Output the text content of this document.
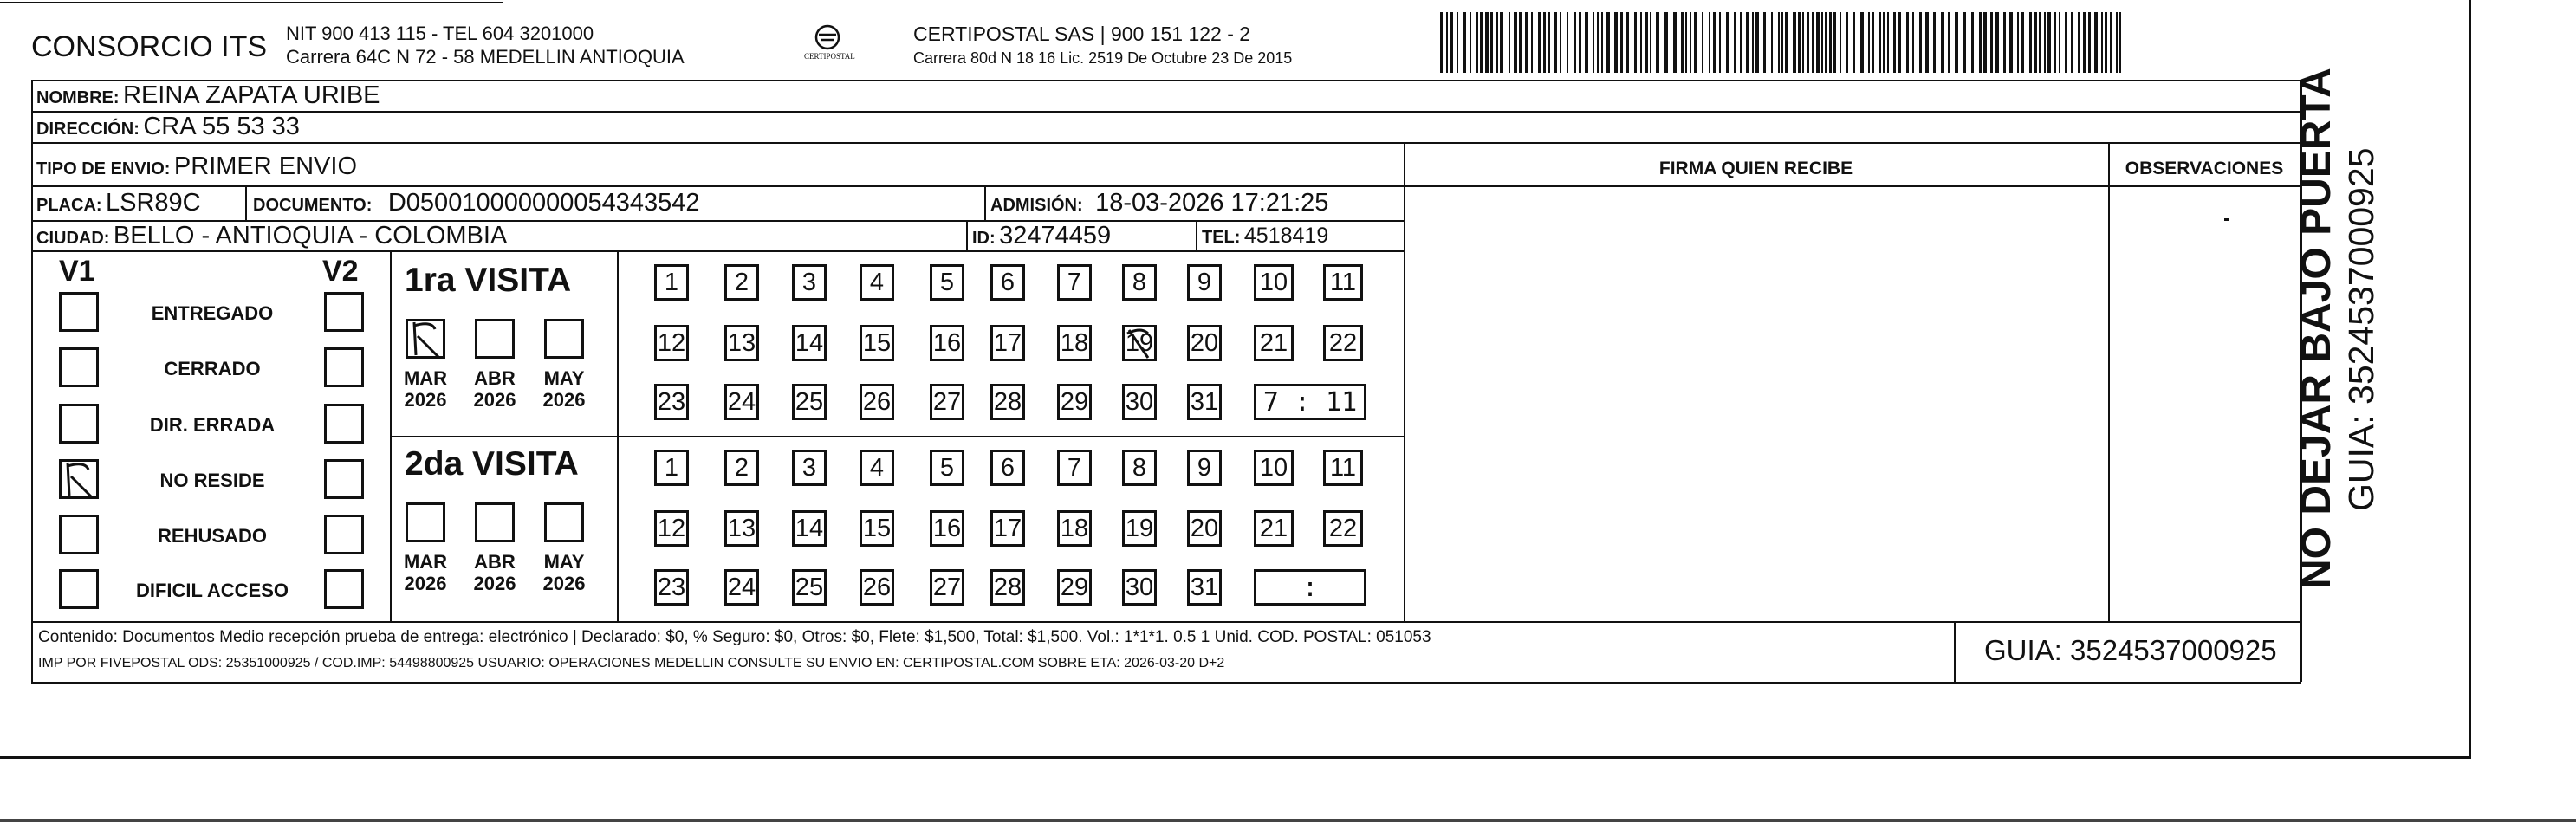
CONSORCIO ITS NIT 900 413 115 - TEL 604 3201000
Carrera 64C N 72 - 58 MEDELLIN ANTIOQUIA	CERTIPOSTAL
CERTIPOSTAL SAS | 900 151 122 - 2
Carrera 80d N 18 16 Lic. 2519 De Octubre 23 De 2015
NOMBRE: REINA ZAPATA URIBE
DIRECCIÓN: CRA 55 53 33
TIPO DE ENVIO: PRIMER ENVIO	FIRMA QUIEN RECIBE	OBSERVACIONES
PLACA: LSR89C	DOCUMENTO: D050010000000054343542	ADMISIÓN: 18-03-2026 17:21:25
CIUDAD: BELLO - ANTIOQUIA - COLOMBIA	ID: 32474459	TEL: 4518419
V1	V2
ENTREGADO
CERRADO
DIR. ERRADA
NO RESIDE
REHUSADO
DIFICIL ACCESO
1ra VISITA
MAR
2026
ABR
2026
MAY
2026
1	2	3	4	5	6	7	8	9	10 11
12 13 14 15 16 17 18 19 20 21 22
23 24 25 26 27 28 29 30 31	7 : 11
2da VISITA
MAR
2026
ABR
2026
MAY
2026
1	2	3	4	5	6	7	8	9	10 11
12 13 14 15 16 17 18 19 20 21 22
23 24 25 26 27 28 29 30 31	:
Contenido: Documentos Medio recepción prueba de entrega: electrónico | Declarado: $0, % Seguro: $0, Otros: $0, Flete: $1,500, Total: $1,500. Vol.: 1*1*1. 0.5 1 Unid. COD. POSTAL: 051053
IMP POR FIVEPOSTAL ODS: 25351000925 / COD.IMP: 54498800925 USUARIO: OPERACIONES MEDELLIN CONSULTE SU ENVIO EN: CERTIPOSTAL.COM SOBRE ETA: 2026-03-20 D+2	GUIA: 3524537000925
NO DEJAR BAJO PUERTA GUIA: 3524537000925
